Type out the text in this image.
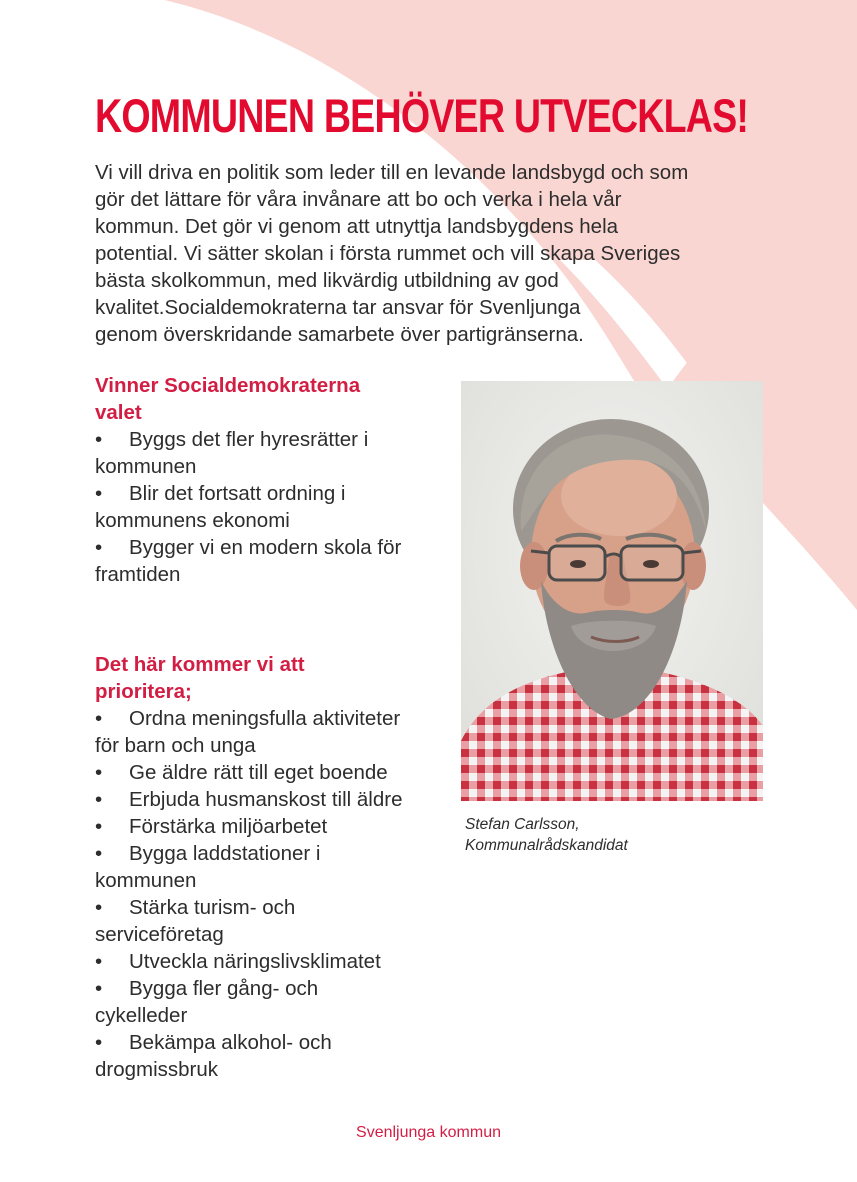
KOMMUNEN BEHÖVER UTVECKLAS!

Vi vill driva en politik som leder till en levande landsbygd och som
gör det lättare för våra invånare att bo och verka i hela vår
kommun. Det gör vi genom att utnyttja landsbygdens hela
potential. Vi sätter skolan i första rummet och vill skapa Sveriges
bästa skolkommun, med likvärdig utbildning av god
kvalitet.Socialdemokraterna tar ansvar för Svenljunga
genom överskridande samarbete över partigränserna.

Vinner Socialdemokraterna
valet
• Byggs det fler hyresrätter i
kommunen
• Blir det fortsatt ordning i
kommunens ekonomi
• Bygger vi en modern skola för
framtiden
Det här kommer vi att
prioritera;
• Ordna meningsfulla aktiviteter
för barn och unga
• Ge äldre rätt till eget boende
• Erbjuda husmanskost till äldre
• Förstärka miljöarbetet
• Bygga laddstationer i
kommunen
• Stärka turism- och
serviceföretag
• Utveckla näringslivsklimatet
• Bygga fler gång- och
cykelleder
• Bekämpa alkohol- och
drogmissbruk

Stefan Carlsson,
Kommunalrådskandidat

Svenljunga kommun
